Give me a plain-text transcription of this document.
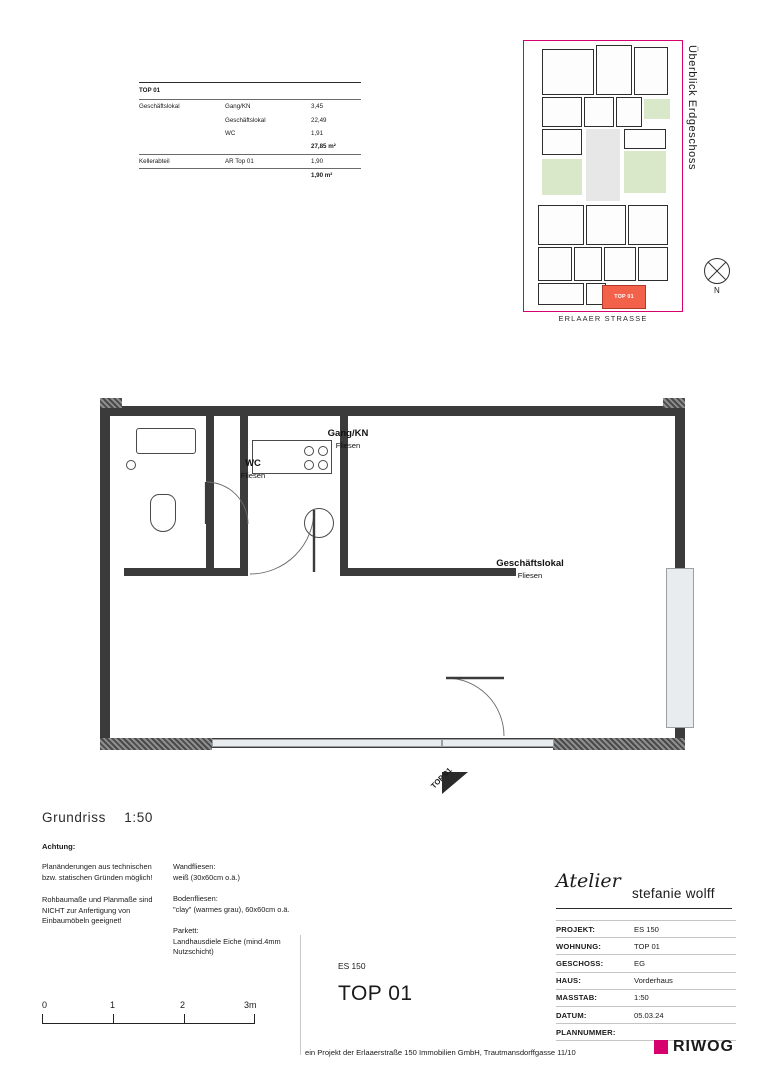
TOP 01		
Geschäftslokal	Gang/KN	3,45
	Geschäftslokal	22,49
	WC	1,91
		27,85 m²
Kellerabteil	AR Top 01	1,90
		1,90 m²
TOP 01
Überblick Erdgeschoss
ERLAAER STRASSE
N
WC
Fliesen
Gang/KN
Fliesen
Geschäftslokal
Fliesen
TOP 01
Grundriss 1:50
Achtung:

Planänderungen aus technischen bzw. statischen Gründen möglich!

Rohbaumaße und Planmaße sind NICHT zur Anfertigung von Einbaumöbeln geeignet!

Wandfliesen:
weiß (30x60cm o.ä.)

Bodenfliesen:
"clay" (warmes grau), 60x60cm o.ä.

Parkett:
Landhausdiele Eiche (mind.4mm Nutzschicht)

0	1	2	3m
ES 150
TOP 01
Atelier
stefanie wolff
PROJEKT:	ES 150
WOHNUNG:	TOP 01
GESCHOSS:	EG
HAUS:	Vorderhaus
MASSTAB:	1:50
DATUM:	05.03.24
PLANNUMMER:	
ein Projekt der Erlaaerstraße 150 Immobilien GmbH, Trautmansdorffgasse 11/10	RIWOG
